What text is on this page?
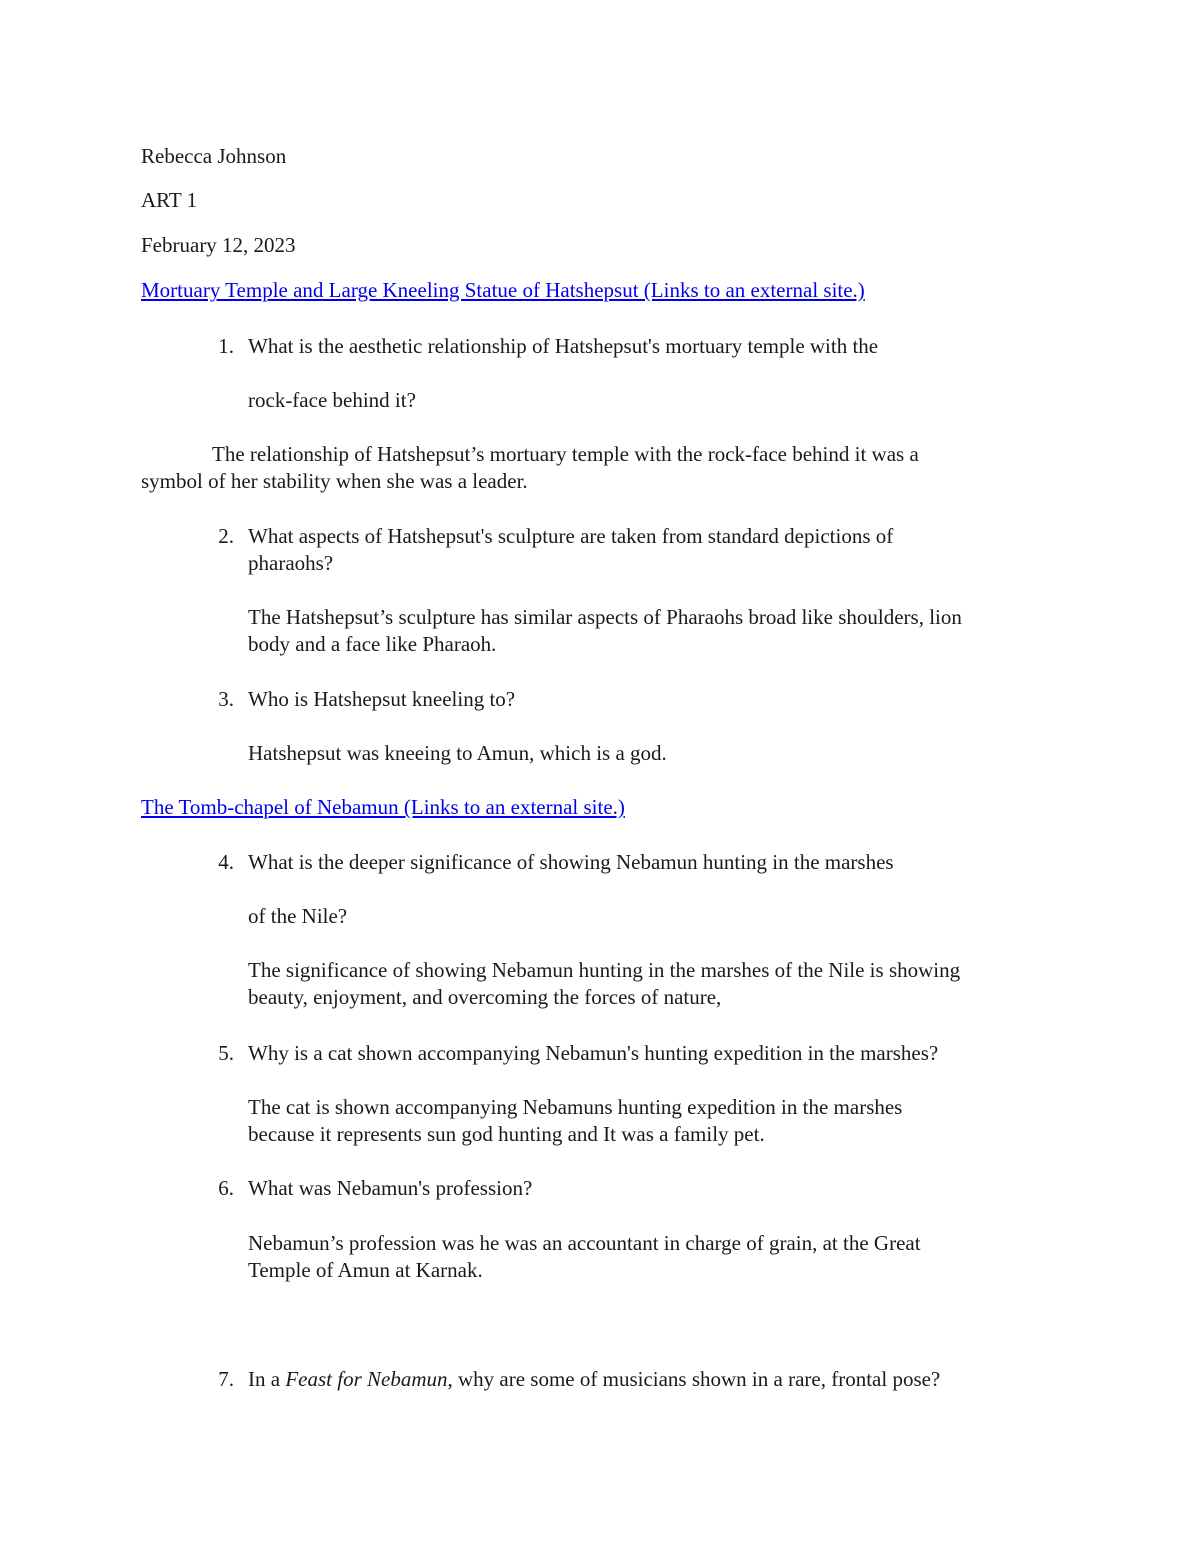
Rebecca Johnson
ART 1
February 12, 2023
Mortuary Temple and Large Kneeling Statue of Hatshepsut (Links to an external site.)
1. What is the aesthetic relationship of Hatshepsut's mortuary temple with the
rock-face behind it?
The relationship of Hatshepsut’s mortuary temple with the rock-face behind it was a
symbol of her stability when she was a leader.
2. What aspects of Hatshepsut's sculpture are taken from standard depictions of
pharaohs?
The Hatshepsut’s sculpture has similar aspects of Pharaohs broad like shoulders, lion
body and a face like Pharaoh.
3. Who is Hatshepsut kneeling to?
Hatshepsut was kneeing to Amun, which is a god.
The Tomb-chapel of Nebamun (Links to an external site.)
4. What is the deeper significance of showing Nebamun hunting in the marshes
of the Nile?
The significance of showing Nebamun hunting in the marshes of the Nile is showing
beauty, enjoyment, and overcoming the forces of nature,
5. Why is a cat shown accompanying Nebamun's hunting expedition in the marshes?
The cat is shown accompanying Nebamuns hunting expedition in the marshes
because it represents sun god hunting and It was a family pet.
6. What was Nebamun's profession?
Nebamun’s profession was he was an accountant in charge of grain, at the Great
Temple of Amun at Karnak.
7. In a Feast for Nebamun, why are some of musicians shown in a rare, frontal pose?
